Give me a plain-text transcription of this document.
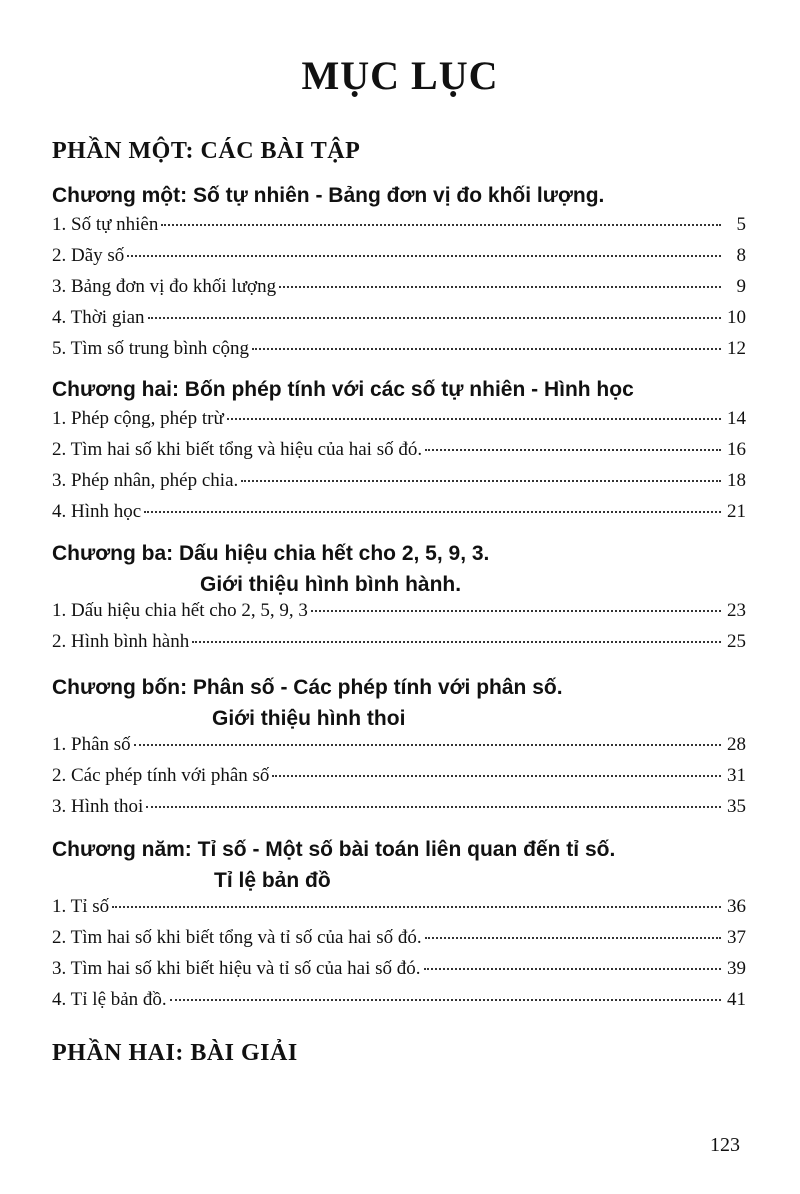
MỤC LỤC
PHẦN MỘT: CÁC BÀI TẬP
Chương một: Số tự nhiên - Bảng đơn vị đo khối lượng.
1. Số tự nhiên	5
2. Dãy số	8
3. Bảng đơn vị đo khối lượng	9
4. Thời gian	10
5. Tìm số trung bình cộng	12
Chương hai: Bốn phép tính với các số tự nhiên - Hình học
1. Phép cộng, phép trừ	14
2. Tìm hai số khi biết tổng và hiệu của hai số đó.	16
3. Phép nhân, phép chia.	18
4. Hình học	21
Chương ba: Dấu hiệu chia hết cho 2, 5, 9, 3.
Giới thiệu hình bình hành.
1. Dấu hiệu chia hết cho 2, 5, 9, 3	23
2. Hình bình hành	25
Chương bốn: Phân số - Các phép tính với phân số.
Giới thiệu hình thoi
1. Phân số	28
2. Các phép tính với phân số	31
3. Hình thoi	35
Chương năm: Tỉ số - Một số bài toán liên quan đến tỉ số.
Tỉ lệ bản đồ
1. Tỉ số	36
2. Tìm hai số khi biết tổng và tỉ số của hai số đó.	37
3. Tìm hai số khi biết hiệu và tỉ số của hai số đó.	39
4. Tỉ lệ bản đồ.	41
PHẦN HAI: BÀI GIẢI
123
